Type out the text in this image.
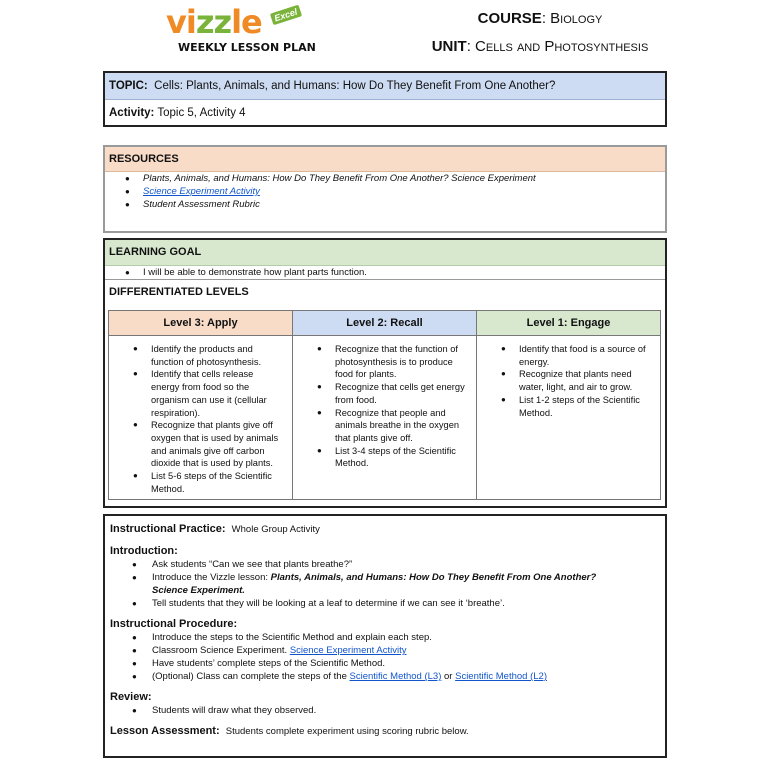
vizzle	Excel
WEEKLY LESSON PLAN
COURSE: Biology
UNIT: Cells and Photosynthesis
TOPIC: Cells: Plants, Animals, and Humans: How Do They Benefit From One Another?
Activity: Topic 5, Activity 4
RESOURCES
● Plants, Animals, and Humans: How Do They Benefit From One Another? Science Experiment
● Science Experiment Activity
● Student Assessment Rubric
LEARNING GOAL
● I will be able to demonstrate how plant parts function.
DIFFERENTIATED LEVELS
Level 3: Apply
● Identify the products and function of photosynthesis.
● Identify that cells release energy from food so the organism can use it (cellular respiration).
● Recognize that plants give off oxygen that is used by animals and animals give off carbon dioxide that is used by plants.
● List 5-6 steps of the Scientific Method.
Level 2: Recall
● Recognize that the function of photosynthesis is to produce food for plants.
● Recognize that cells get energy from food.
● Recognize that people and animals breathe in the oxygen that plants give off.
● List 3-4 steps of the Scientific Method.
Level 1: Engage
● Identify that food is a source of energy.
● Recognize that plants need water, light, and air to grow.
● List 1-2 steps of the Scientific Method.
Instructional Practice: Whole Group Activity
Introduction:
● Ask students “Can we see that plants breathe?”
● Introduce the Vizzle lesson: Plants, Animals, and Humans: How Do They Benefit From One Another? Science Experiment.
● Tell students that they will be looking at a leaf to determine if we can see it ‘breathe’.
Instructional Procedure:
● Introduce the steps to the Scientific Method and explain each step.
● Classroom Science Experiment. Science Experiment Activity
● Have students’ complete steps of the Scientific Method.
● (Optional) Class can complete the steps of the Scientific Method (L3) or Scientific Method (L2)
Review:
● Students will draw what they observed.
Lesson Assessment: Students complete experiment using scoring rubric below.
